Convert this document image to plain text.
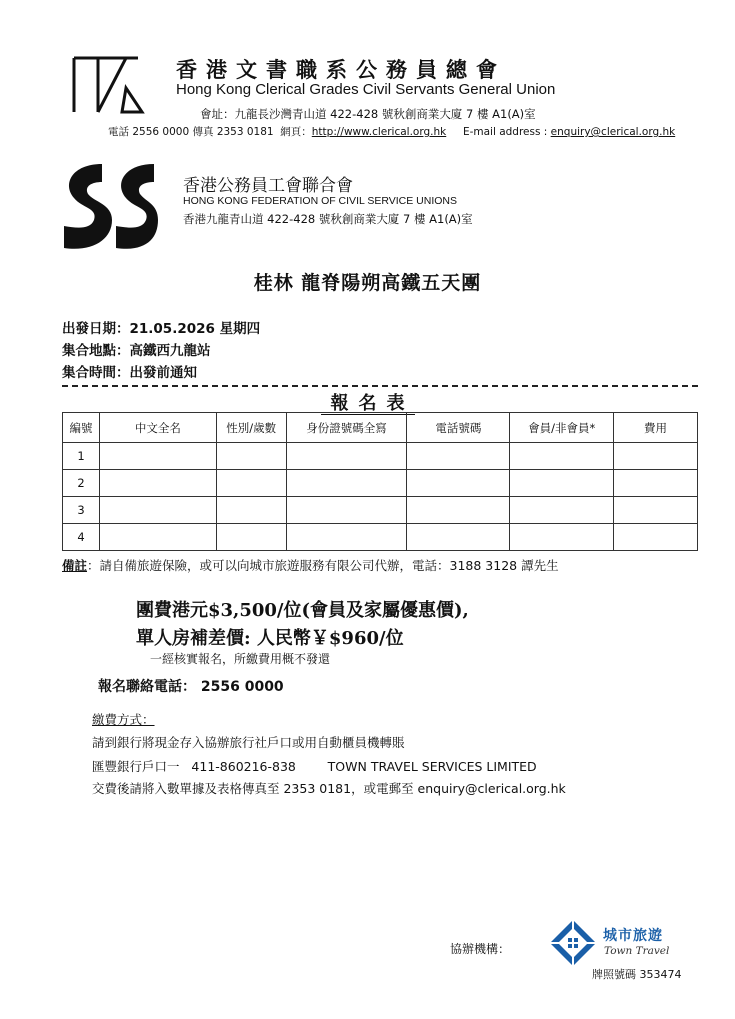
香港文書職系公務員總會
Hong Kong Clerical Grades Civil Servants General Union
會址：九龍長沙灣青山道 422-428 號秋創商業大廈 7 樓 A1(A)室
電話 2556 0000 傳真 2353 0181 網頁：http://www.clerical.org.hk E-mail address : enquiry@clerical.org.hk
香港公務員工會聯合會
HONG KONG FEDERATION OF CIVIL SERVICE UNIONS
香港九龍青山道 422-428 號秋創商業大廈 7 樓 A1(A)室
桂林 龍脊陽朔高鐵五天團
出發日期：21.05.2026 星期四
集合地點：高鐵西九龍站
集合時間：出發前通知
報名表
編號	中文全名	性別/歲數	身份證號碼全寫	電話號碼	會員/非會員*	費用
1						
2						
3						
4						
備註：請自備旅遊保險，或可以向城市旅遊服務有限公司代辦，電話：3188 3128 譚先生
團費港元$3,500/位(會員及家屬優惠價),
單人房補差價: 人民幣￥$960/位
一經核實報名，所繳費用概不發還
報名聯絡電話： 2556 0000
繳費方式：
請到銀行將現金存入協辦旅行社戶口或用自動櫃員機轉賬
匯豐銀行戶口一   411-860216-838        TOWN TRAVEL SERVICES LIMITED
交費後請將入數單據及表格傳真至 2353 0181，或電郵至 enquiry@clerical.org.hk
協辦機構：
城市旅遊
Town Travel
牌照號碼 353474
